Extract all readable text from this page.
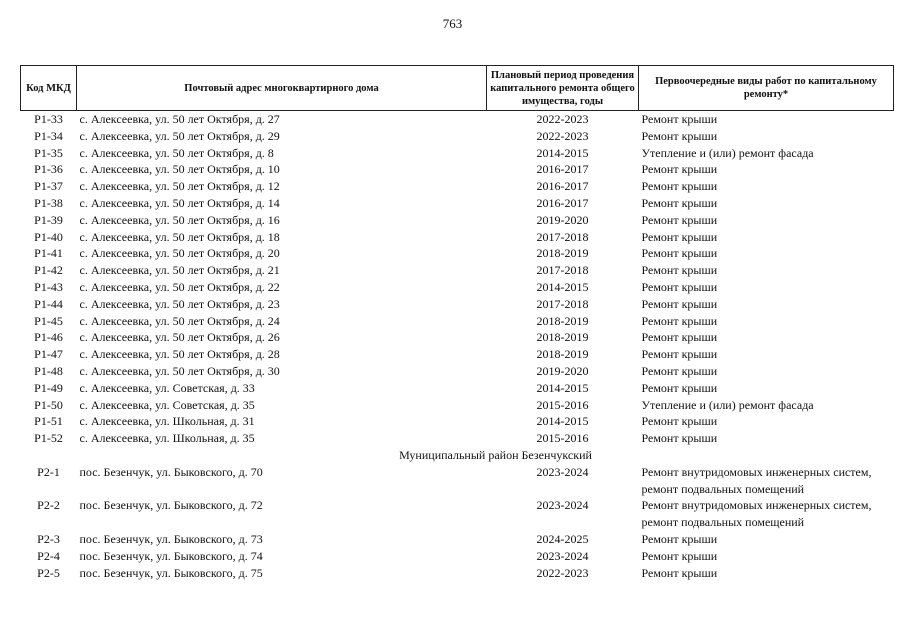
763
Код МКД	Почтовый адрес многоквартирного дома	Плановый период проведения капитального ремонта общего имущества, годы	Первоочередные виды работ по капитальному ремонту*
Р1-33	с. Алексеевка, ул. 50 лет Октября, д. 27	2022-2023	Ремонт крыши

Р1-34	с. Алексеевка, ул. 50 лет Октября, д. 29	2022-2023	Ремонт крыши

Р1-35	с. Алексеевка, ул. 50 лет Октября, д. 8	2014-2015	Утепление и (или) ремонт фасада

Р1-36	с. Алексеевка, ул. 50 лет Октября, д. 10	2016-2017	Ремонт крыши

Р1-37	с. Алексеевка, ул. 50 лет Октября, д. 12	2016-2017	Ремонт крыши

Р1-38	с. Алексеевка, ул. 50 лет Октября, д. 14	2016-2017	Ремонт крыши

Р1-39	с. Алексеевка, ул. 50 лет Октября, д. 16	2019-2020	Ремонт крыши

Р1-40	с. Алексеевка, ул. 50 лет Октября, д. 18	2017-2018	Ремонт крыши

Р1-41	с. Алексеевка, ул. 50 лет Октября, д. 20	2018-2019	Ремонт крыши

Р1-42	с. Алексеевка, ул. 50 лет Октября, д. 21	2017-2018	Ремонт крыши

Р1-43	с. Алексеевка, ул. 50 лет Октября, д. 22	2014-2015	Ремонт крыши

Р1-44	с. Алексеевка, ул. 50 лет Октября, д. 23	2017-2018	Ремонт крыши

Р1-45	с. Алексеевка, ул. 50 лет Октября, д. 24	2018-2019	Ремонт крыши

Р1-46	с. Алексеевка, ул. 50 лет Октября, д. 26	2018-2019	Ремонт крыши

Р1-47	с. Алексеевка, ул. 50 лет Октября, д. 28	2018-2019	Ремонт крыши

Р1-48	с. Алексеевка, ул. 50 лет Октября, д. 30	2019-2020	Ремонт крыши

Р1-49	с. Алексеевка, ул. Советская, д. 33	2014-2015	Ремонт крыши

Р1-50	с. Алексеевка, ул. Советская, д. 35	2015-2016	Утепление и (или) ремонт фасада

Р1-51	с. Алексеевка, ул. Школьная, д. 31	2014-2015	Ремонт крыши

Р1-52	с. Алексеевка, ул. Школьная, д. 35	2015-2016	Ремонт крыши

Муниципальный район Безенчукский			
Р2-1	пос. Безенчук, ул. Быковского, д. 70	2023-2024	Ремонт внутридомовых инженерных систем,
ремонт подвальных помещений

Р2-2	пос. Безенчук, ул. Быковского, д. 72	2023-2024	Ремонт внутридомовых инженерных систем,
ремонт подвальных помещений

Р2-3	пос. Безенчук, ул. Быковского, д. 73	2024-2025	Ремонт крыши

Р2-4	пос. Безенчук, ул. Быковского, д. 74	2023-2024	Ремонт крыши

Р2-5	пос. Безенчук, ул. Быковского, д. 75	2022-2023	Ремонт крыши
